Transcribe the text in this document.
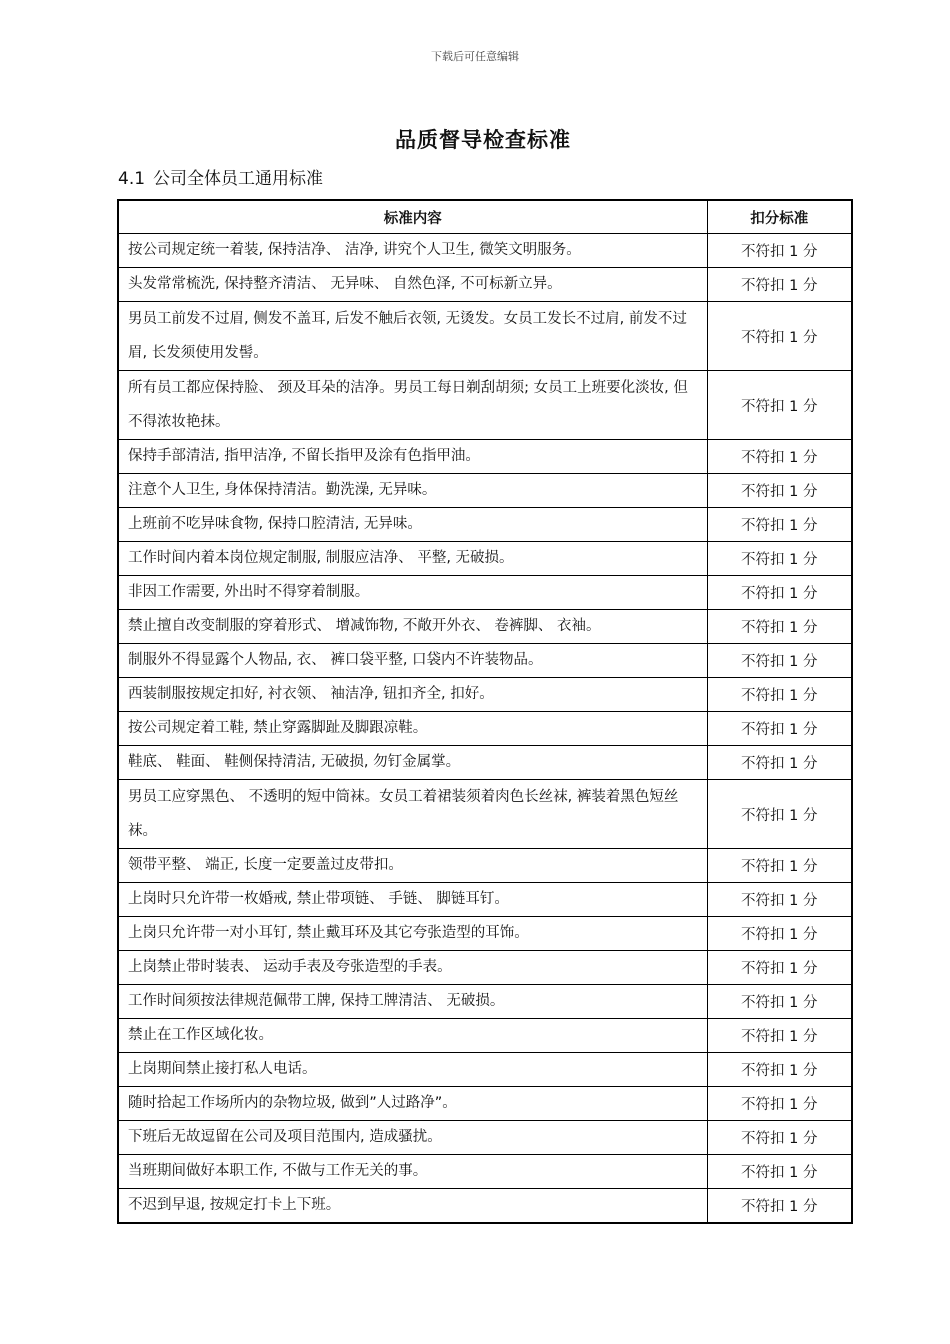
下载后可任意编辑
品质督导检查标准
4.1 公司全体员工通用标准
标准内容	扣分标准
按公司规定统一着装, 保持洁净、 洁净, 讲究个人卫生, 微笑文明服务。	不符扣 1 分
头发常常梳洗, 保持整齐清洁、 无异味、 自然色泽, 不可标新立异。	不符扣 1 分
男员工前发不过眉, 侧发不盖耳, 后发不触后衣领, 无烫发。女员工发长不过肩, 前发不过眉, 长发须使用发髻。	不符扣 1 分
所有员工都应保持脸、 颈及耳朵的洁净。男员工每日剃刮胡须; 女员工上班要化淡妆, 但不得浓妆艳抹。	不符扣 1 分
保持手部清洁, 指甲洁净, 不留长指甲及涂有色指甲油。	不符扣 1 分
注意个人卫生, 身体保持清洁。勤洗澡, 无异味。	不符扣 1 分
上班前不吃异味食物, 保持口腔清洁, 无异味。	不符扣 1 分
工作时间内着本岗位规定制服, 制服应洁净、 平整, 无破损。	不符扣 1 分
非因工作需要, 外出时不得穿着制服。	不符扣 1 分
禁止擅自改变制服的穿着形式、 增减饰物, 不敞开外衣、 卷裤脚、 衣袖。	不符扣 1 分
制服外不得显露个人物品, 衣、 裤口袋平整, 口袋内不许装物品。	不符扣 1 分
西装制服按规定扣好, 衬衣领、 袖洁净, 钮扣齐全, 扣好。	不符扣 1 分
按公司规定着工鞋, 禁止穿露脚趾及脚跟凉鞋。	不符扣 1 分
鞋底、 鞋面、 鞋侧保持清洁, 无破损, 勿钉金属掌。	不符扣 1 分
男员工应穿黑色、 不透明的短中筒袜。女员工着裙装须着肉色长丝袜, 裤装着黑色短丝袜。	不符扣 1 分
领带平整、 端正, 长度一定要盖过皮带扣。	不符扣 1 分
上岗时只允许带一枚婚戒, 禁止带项链、 手链、 脚链耳钉。	不符扣 1 分
上岗只允许带一对小耳钉, 禁止戴耳环及其它夸张造型的耳饰。	不符扣 1 分
上岗禁止带时装表、 运动手表及夸张造型的手表。	不符扣 1 分
工作时间须按法律规范佩带工牌, 保持工牌清洁、 无破损。	不符扣 1 分
禁止在工作区域化妆。	不符扣 1 分
上岗期间禁止接打私人电话。	不符扣 1 分
随时拾起工作场所内的杂物垃圾, 做到”人过路净”。	不符扣 1 分
下班后无故逗留在公司及项目范围内, 造成骚扰。	不符扣 1 分
当班期间做好本职工作, 不做与工作无关的事。	不符扣 1 分
不迟到早退, 按规定打卡上下班。	不符扣 1 分
